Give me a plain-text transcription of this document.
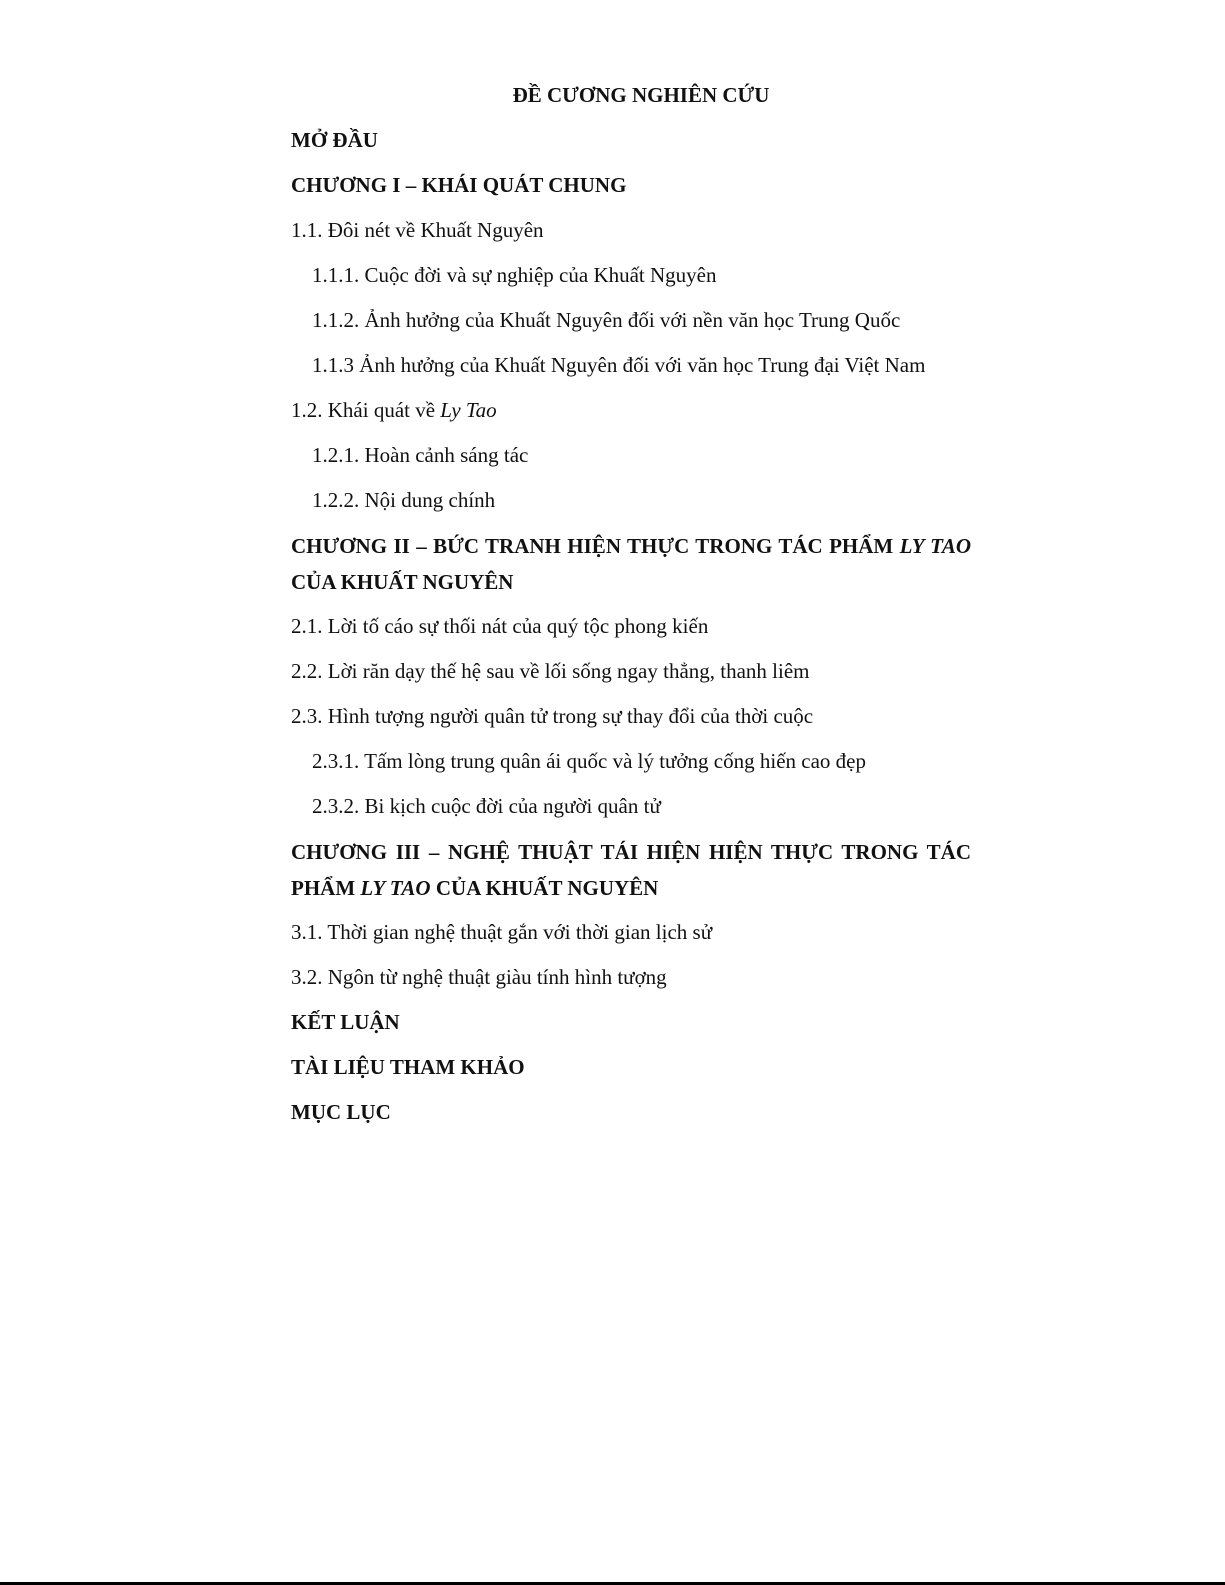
ĐỀ CƯƠNG NGHIÊN CỨU
MỞ ĐẦU
CHƯƠNG I – KHÁI QUÁT CHUNG
1.1. Đôi nét về Khuất Nguyên
1.1.1. Cuộc đời và sự nghiệp của Khuất Nguyên
1.1.2. Ảnh hưởng của Khuất Nguyên đối với nền văn học Trung Quốc
1.1.3 Ảnh hưởng của Khuất Nguyên đối với văn học Trung đại Việt Nam
1.2. Khái quát về Ly Tao
1.2.1. Hoàn cảnh sáng tác
1.2.2. Nội dung chính
CHƯƠNG II – BỨC TRANH HIỆN THỰC TRONG TÁC PHẨM LY TAO
CỦA KHUẤT NGUYÊN
2.1. Lời tố cáo sự thối nát của quý tộc phong kiến
2.2. Lời răn dạy thế hệ sau về lối sống ngay thẳng, thanh liêm
2.3. Hình tượng người quân tử trong sự thay đổi của thời cuộc
2.3.1. Tấm lòng trung quân ái quốc và lý tưởng cống hiến cao đẹp
2.3.2. Bi kịch cuộc đời của người quân tử
CHƯƠNG III – NGHỆ THUẬT TÁI HIỆN HIỆN THỰC TRONG TÁC
PHẨM LY TAO CỦA KHUẤT NGUYÊN
3.1. Thời gian nghệ thuật gắn với thời gian lịch sử
3.2. Ngôn từ nghệ thuật giàu tính hình tượng
KẾT LUẬN
TÀI LIỆU THAM KHẢO
MỤC LỤC
